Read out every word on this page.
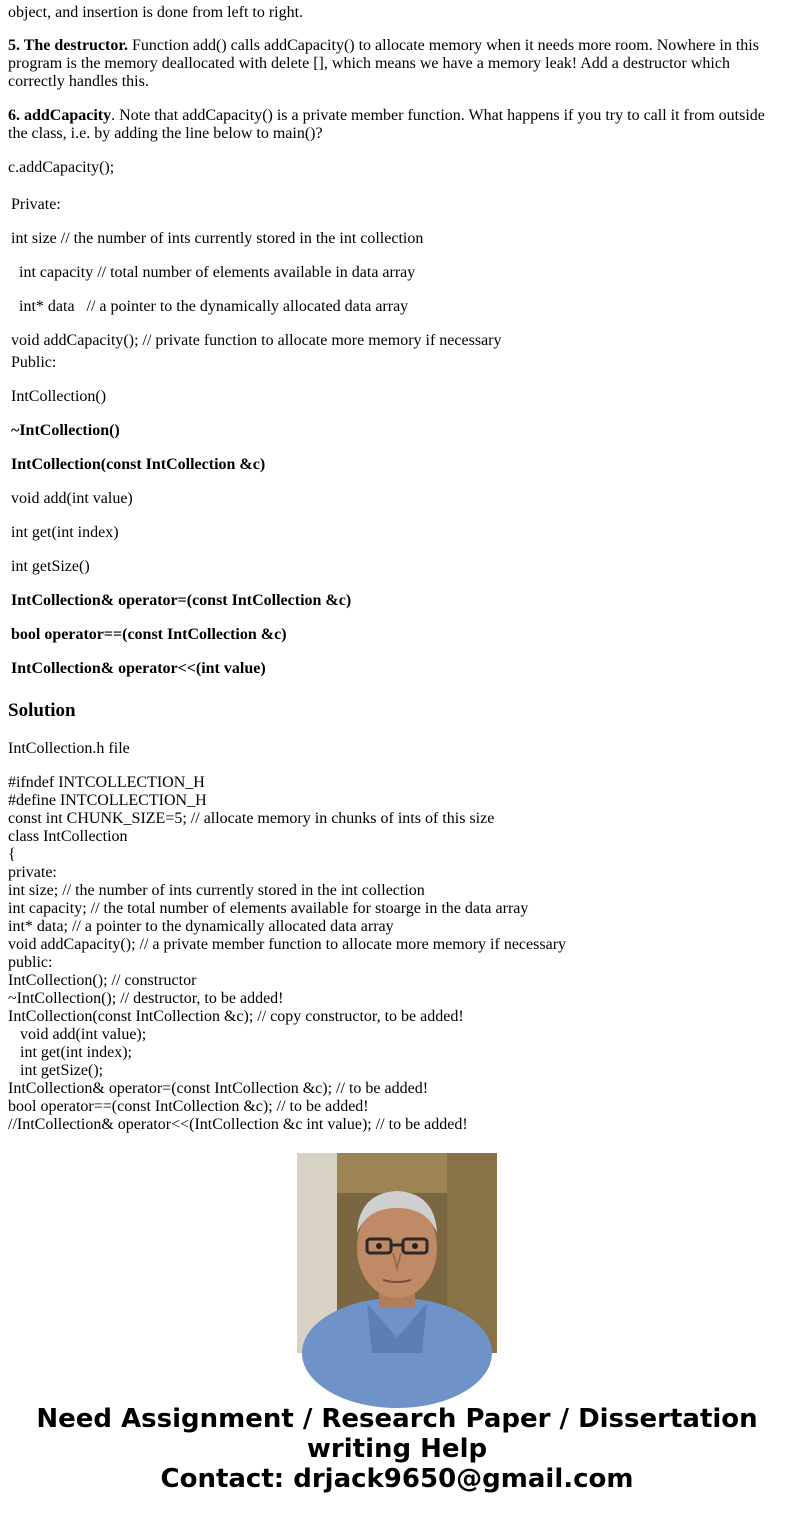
object, and insertion is done from left to right.
5. The destructor. Function add() calls addCapacity() to allocate memory when it needs more room. Nowhere in this program is the memory deallocated with delete [], which means we have a memory leak! Add a destructor which correctly handles this.
6. addCapacity. Note that addCapacity() is a private member function. What happens if you try to call it from outside the class, i.e. by adding the line below to main()?
c.addCapacity();
Private:
int size // the number of ints currently stored in the int collection
int capacity // total number of elements available in data array
int* data   // a pointer to the dynamically allocated data array
void addCapacity(); // private function to allocate more memory if necessary
Public:
IntCollection()
~IntCollection()
IntCollection(const IntCollection &c)
void add(int value)
int get(int index)
int getSize()
IntCollection& operator=(const IntCollection &c)
bool operator==(const IntCollection &c)
IntCollection& operator<<(int value)
Solution
IntCollection.h file
#ifndef INTCOLLECTION_H
#define INTCOLLECTION_H
const int CHUNK_SIZE=5; // allocate memory in chunks of ints of this size
class IntCollection
{
private:
int size; // the number of ints currently stored in the int collection
int capacity; // the total number of elements available for stoarge in the data array
int* data; // a pointer to the dynamically allocated data array
void addCapacity(); // a private member function to allocate more memory if necessary
public:
IntCollection(); // constructor
~IntCollection(); // destructor, to be added!
IntCollection(const IntCollection &c); // copy constructor, to be added!
void add(int value);
int get(int index);
int getSize();
IntCollection& operator=(const IntCollection &c); // to be added!
bool operator==(const IntCollection &c); // to be added!
//IntCollection& operator<<(IntCollection &c int value); // to be added!
Need Assignment / Research Paper / Dissertation
writing Help
Contact: drjack9650@gmail.com
